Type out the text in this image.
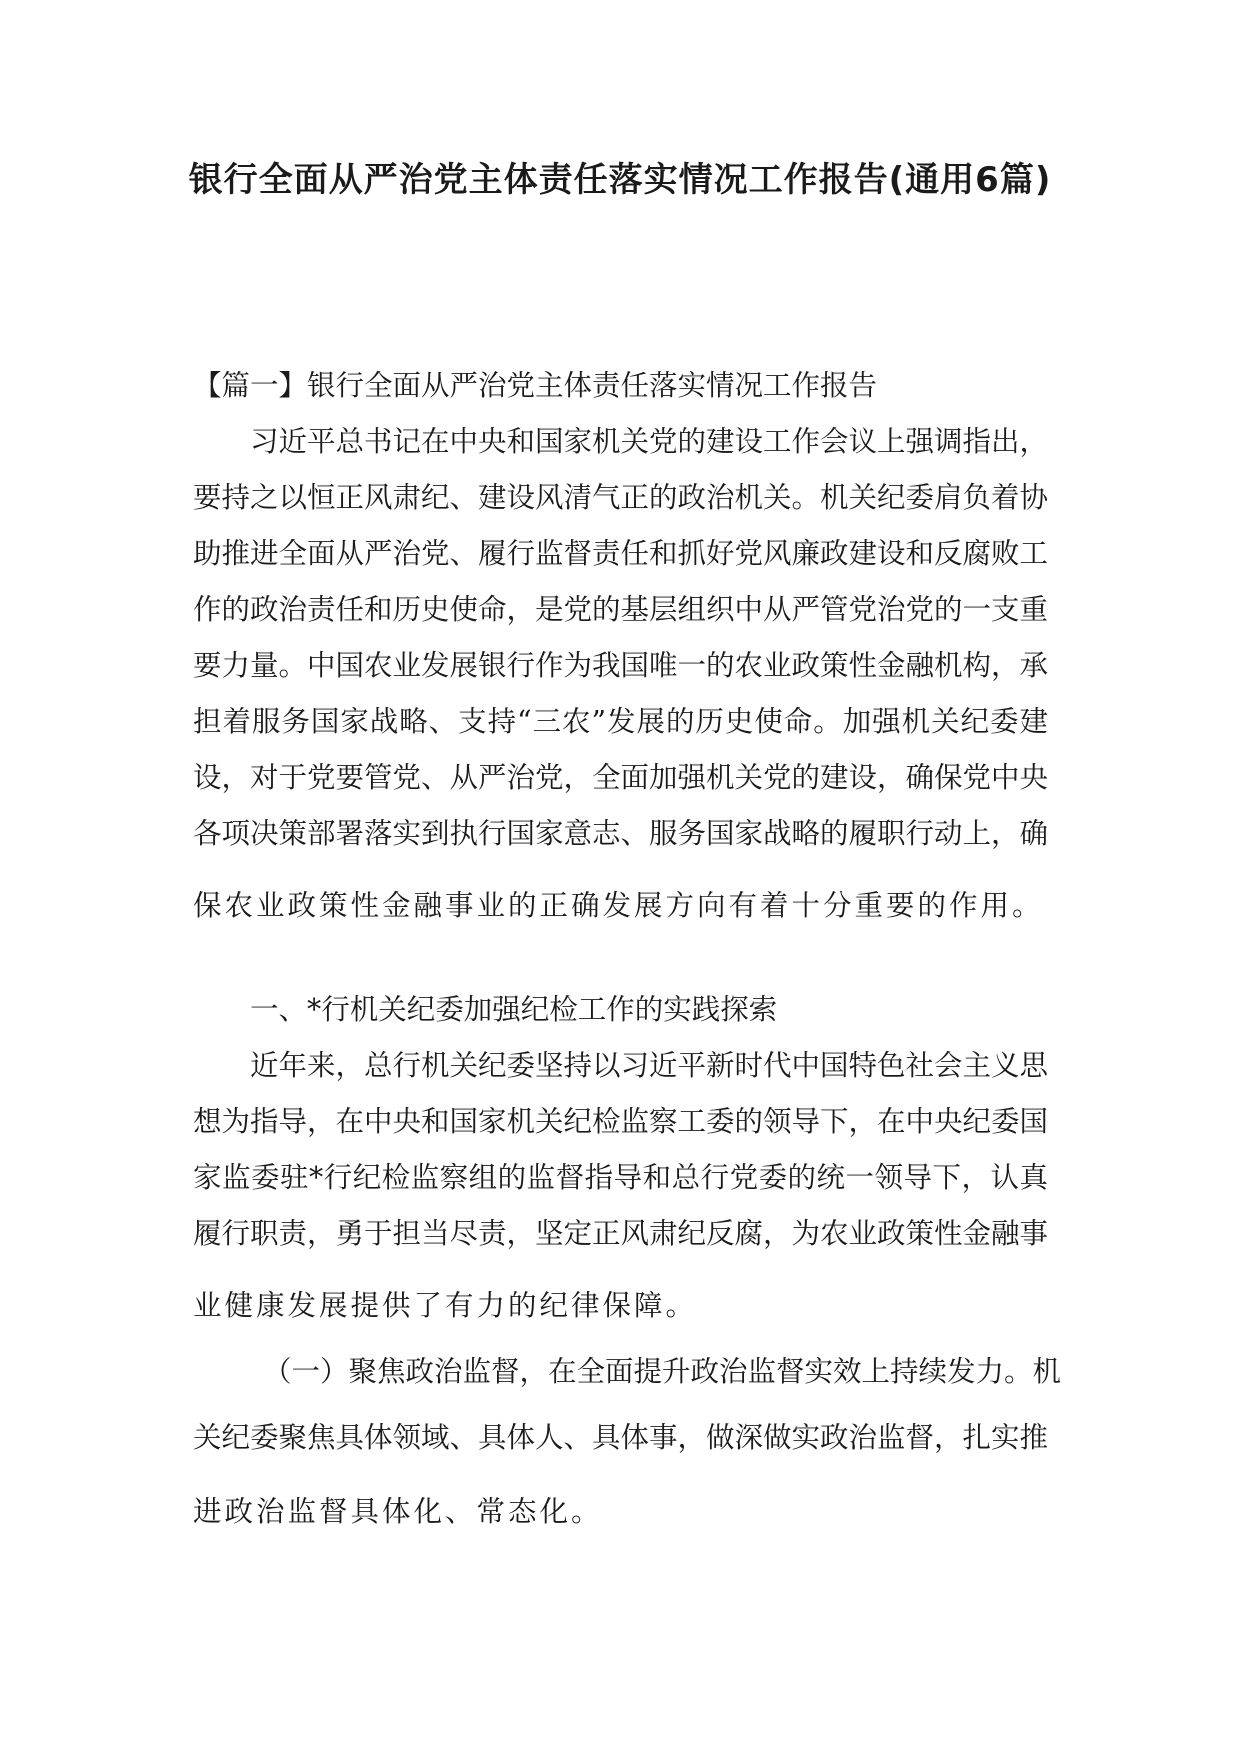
银行全面从严治党主体责任落实情况工作报告(通用6篇)

【篇一】银行全面从严治党主体责任落实情况工作报告

习近平总书记在中央和国家机关党的建设工作会议上强调指出，

要持之以恒正风肃纪、建设风清气正的政治机关。机关纪委肩负着协

助推进全面从严治党、履行监督责任和抓好党风廉政建设和反腐败工

作的政治责任和历史使命，是党的基层组织中从严管党治党的一支重

要力量。中国农业发展银行作为我国唯一的农业政策性金融机构，承

担着服务国家战略、支持“三农”发展的历史使命。加强机关纪委建

设，对于党要管党、从严治党，全面加强机关党的建设，确保党中央

各项决策部署落实到执行国家意志、服务国家战略的履职行动上，确

保农业政策性金融事业的正确发展方向有着十分重要的作用。

一、*行机关纪委加强纪检工作的实践探索

近年来，总行机关纪委坚持以习近平新时代中国特色社会主义思

想为指导，在中央和国家机关纪检监察工委的领导下，在中央纪委国

家监委驻*行纪检监察组的监督指导和总行党委的统一领导下，认真

履行职责，勇于担当尽责，坚定正风肃纪反腐，为农业政策性金融事

业健康发展提供了有力的纪律保障。

（一）聚焦政治监督，在全面提升政治监督实效上持续发力。机

关纪委聚焦具体领域、具体人、具体事，做深做实政治监督，扎实推

进政治监督具体化、常态化。
